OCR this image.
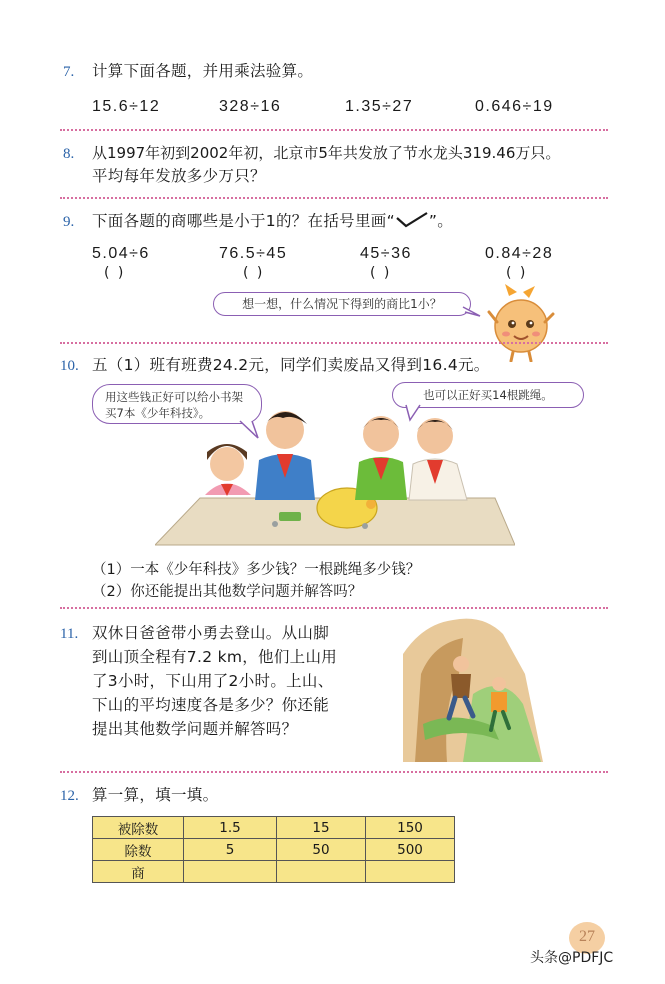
7. 计算下面各题，并用乘法验算。
15.6÷12	328÷16	1.35÷27	0.646÷19
8. 从1997年初到2002年初，北京市5年共发放了节水龙头319.46万只。
平均每年发放多少万只？
9. 下面各题的商哪些是小于1的？在括号里画“ ”。
5.04÷6	76.5÷45	45÷36	0.84÷28
( )	( )	( )	( )
想一想，什么情况下得到的商比1小？
10. 五（1）班有班费24.2元，同学们卖废品又得到16.4元。
用这些钱正好可以给小书架买7本《少年科技》。
也可以正好买14根跳绳。
（1）一本《少年科技》多少钱？一根跳绳多少钱？
（2）你还能提出其他数学问题并解答吗？
11. 双休日爸爸带小勇去登山。从山脚
到山顶全程有7.2 km，他们上山用
了3小时，下山用了2小时。上山、
下山的平均速度各是多少？你还能
提出其他数学问题并解答吗？
12. 算一算，填一填。
被除数	1.5	15	150
除数	5	50	500
商			
27
头条@PDFJC
